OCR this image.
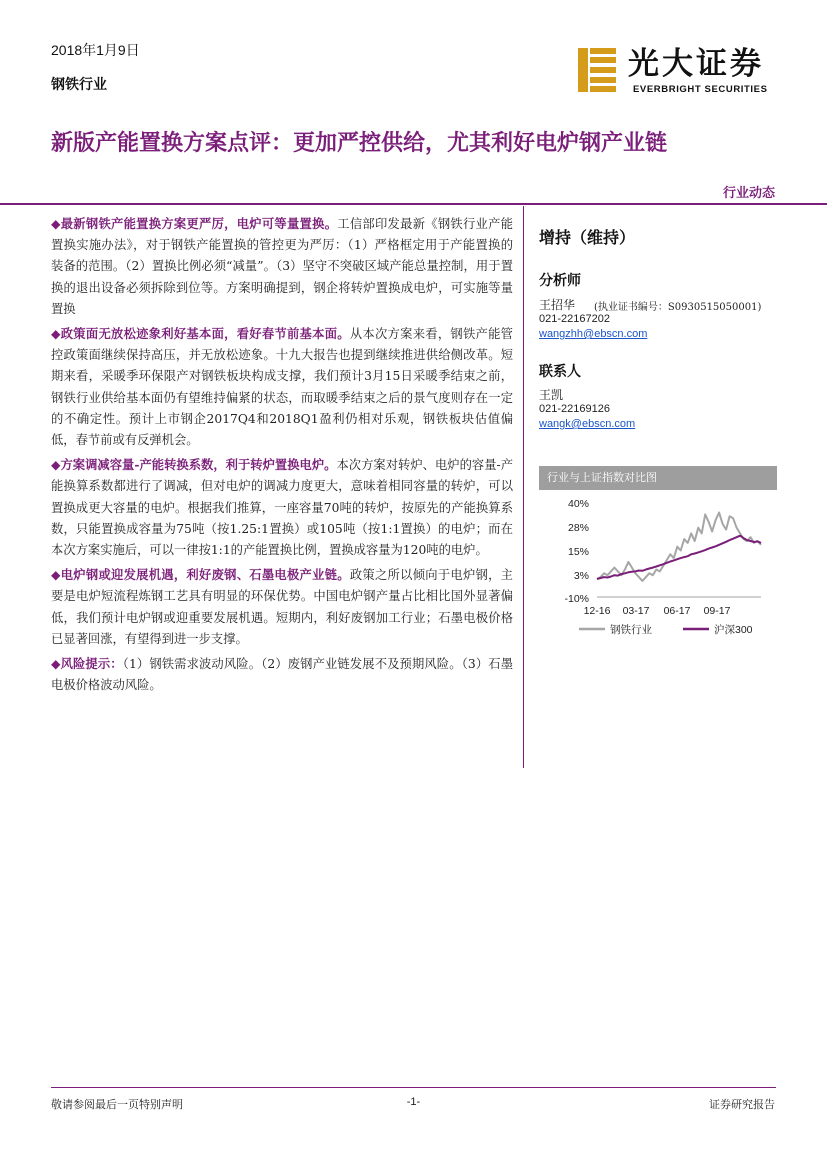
2018年1月9日
钢铁行业
光大证券
EVERBRIGHT SECURITIES
新版产能置换方案点评：更加严控供给，尤其利好电炉钢产业链
行业动态

◆最新钢铁产能置换方案更严厉，电炉可等量置换。工信部印发最新《钢铁行业产能置换实施办法》，对于钢铁产能置换的管控更为严厉：（1）严格框定用于产能置换的装备的范围。（2）置换比例必须“减量”。（3）坚守不突破区域产能总量控制，用于置换的退出设备必须拆除到位等。方案明确提到，钢企将转炉置换成电炉，可实施等量置换

◆政策面无放松迹象利好基本面，看好春节前基本面。从本次方案来看，钢铁产能管控政策面继续保持高压，并无放松迹象。十九大报告也提到继续推进供给侧改革。短期来看，采暖季环保限产对钢铁板块构成支撑，我们预计3月15日采暖季结束之前，钢铁行业供给基本面仍有望维持偏紧的状态，而取暖季结束之后的景气度则存在一定的不确定性。预计上市钢企2017Q4和2018Q1盈利仍相对乐观，钢铁板块估值偏低，春节前或有反弹机会。

◆方案调减容量-产能转换系数，利于转炉置换电炉。本次方案对转炉、电炉的容量-产能换算系数都进行了调减，但对电炉的调减力度更大，意味着相同容量的转炉，可以置换成更大容量的电炉。根据我们推算，一座容量70吨的转炉，按原先的产能换算系数，只能置换成容量为75吨（按1.25:1置换）或105吨（按1:1置换）的电炉；而在本次方案实施后，可以一律按1:1的产能置换比例，置换成容量为120吨的电炉。

◆电炉钢或迎发展机遇，利好废钢、石墨电极产业链。政策之所以倾向于电炉钢，主要是电炉短流程炼钢工艺具有明显的环保优势。中国电炉钢产量占比相比国外显著偏低，我们预计电炉钢或迎重要发展机遇。短期内，利好废钢加工行业；石墨电极价格已显著回涨，有望得到进一步支撑。

◆风险提示：（1）钢铁需求波动风险。（2）废钢产业链发展不及预期风险。（3）石墨电极价格波动风险。

增持（维持）
分析师
王招华 (执业证书编号：S0930515050001)
021-22167202
wangzhh@ebscn.com
联系人
王凯
021-22169126
wangk@ebscn.com
行业与上证指数对比图
40%
28%
15%
3%
-10%
12-16 03-17 06-17 09-17
钢铁行业	沪深300
敬请参阅最后一页特别声明	-1-	证券研究报告
